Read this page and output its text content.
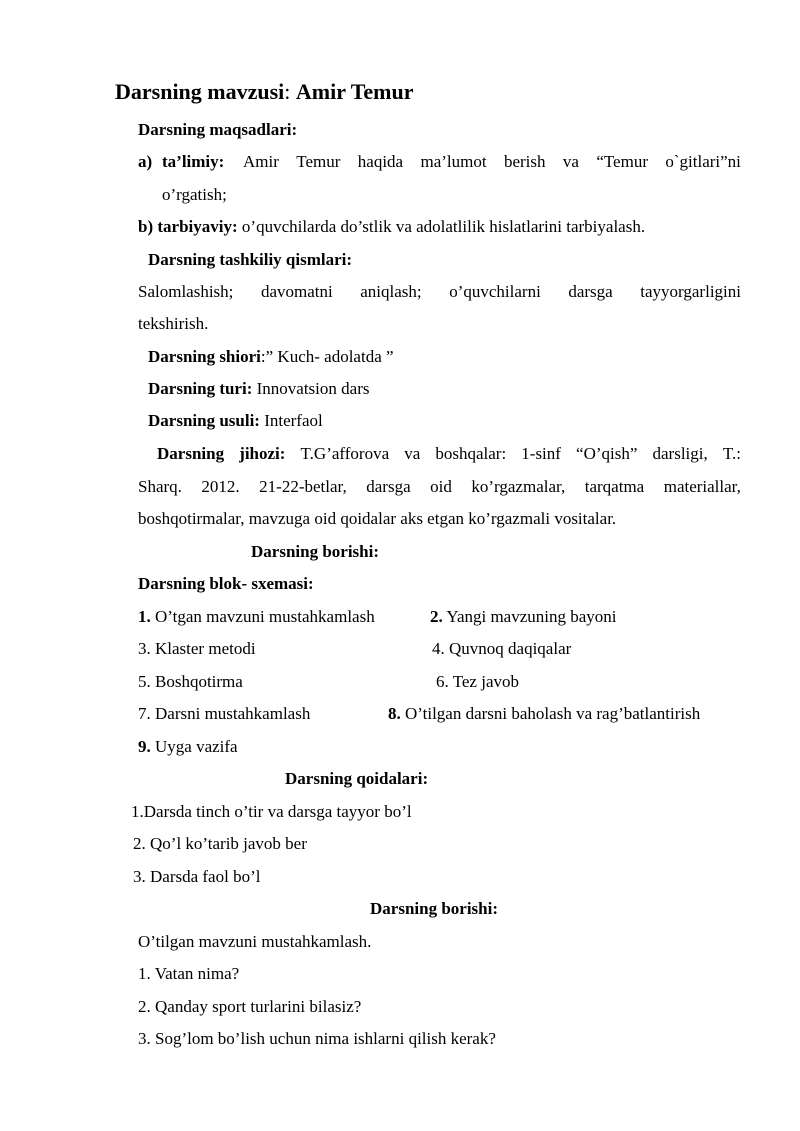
Darsning mavzusi: Amir Temur
Darsning maqsadlari:
a) ta’limiy: Amir Temur haqida ma’lumot berish va “Temur o`gitlari”ni
o’rgatish;
b) tarbiyaviy: o’quvchilarda do’stlik va adolatlilik hislatlarini tarbiyalash.
Darsning tashkiliy qismlari:
Salomlashish; davomatni aniqlash; o’quvchilarni darsga tayyorgarligini
tekshirish.
Darsning shiori:” Kuch- adolatda ”
Darsning turi: Innovatsion dars
Darsning usuli: Interfaol
Darsning jihozi: T.G’afforova va boshqalar: 1-sinf “O’qish” darsligi, T.:
Sharq. 2012. 21-22-betlar, darsga oid ko’rgazmalar, tarqatma materiallar,
boshqotirmalar, mavzuga oid qoidalar aks etgan ko’rgazmali vositalar.
Darsning borishi:
Darsning blok- sxemasi:
1. O’tgan mavzuni mustahkamlash	2. Yangi mavzuning bayoni
3. Klaster metodi	4. Quvnoq daqiqalar
5. Boshqotirma	6. Tez javob
7. Darsni mustahkamlash	8. O’tilgan darsni baholash va rag’batlantirish
9. Uyga vazifa
Darsning qoidalari:
1.Darsda tinch o’tir va darsga tayyor bo’l
2. Qo’l ko’tarib javob ber
3. Darsda faol bo’l
Darsning borishi:
O’tilgan mavzuni mustahkamlash.
1. Vatan nima?
2. Qanday sport turlarini bilasiz?
3. Sog’lom bo’lish uchun nima ishlarni qilish kerak?
